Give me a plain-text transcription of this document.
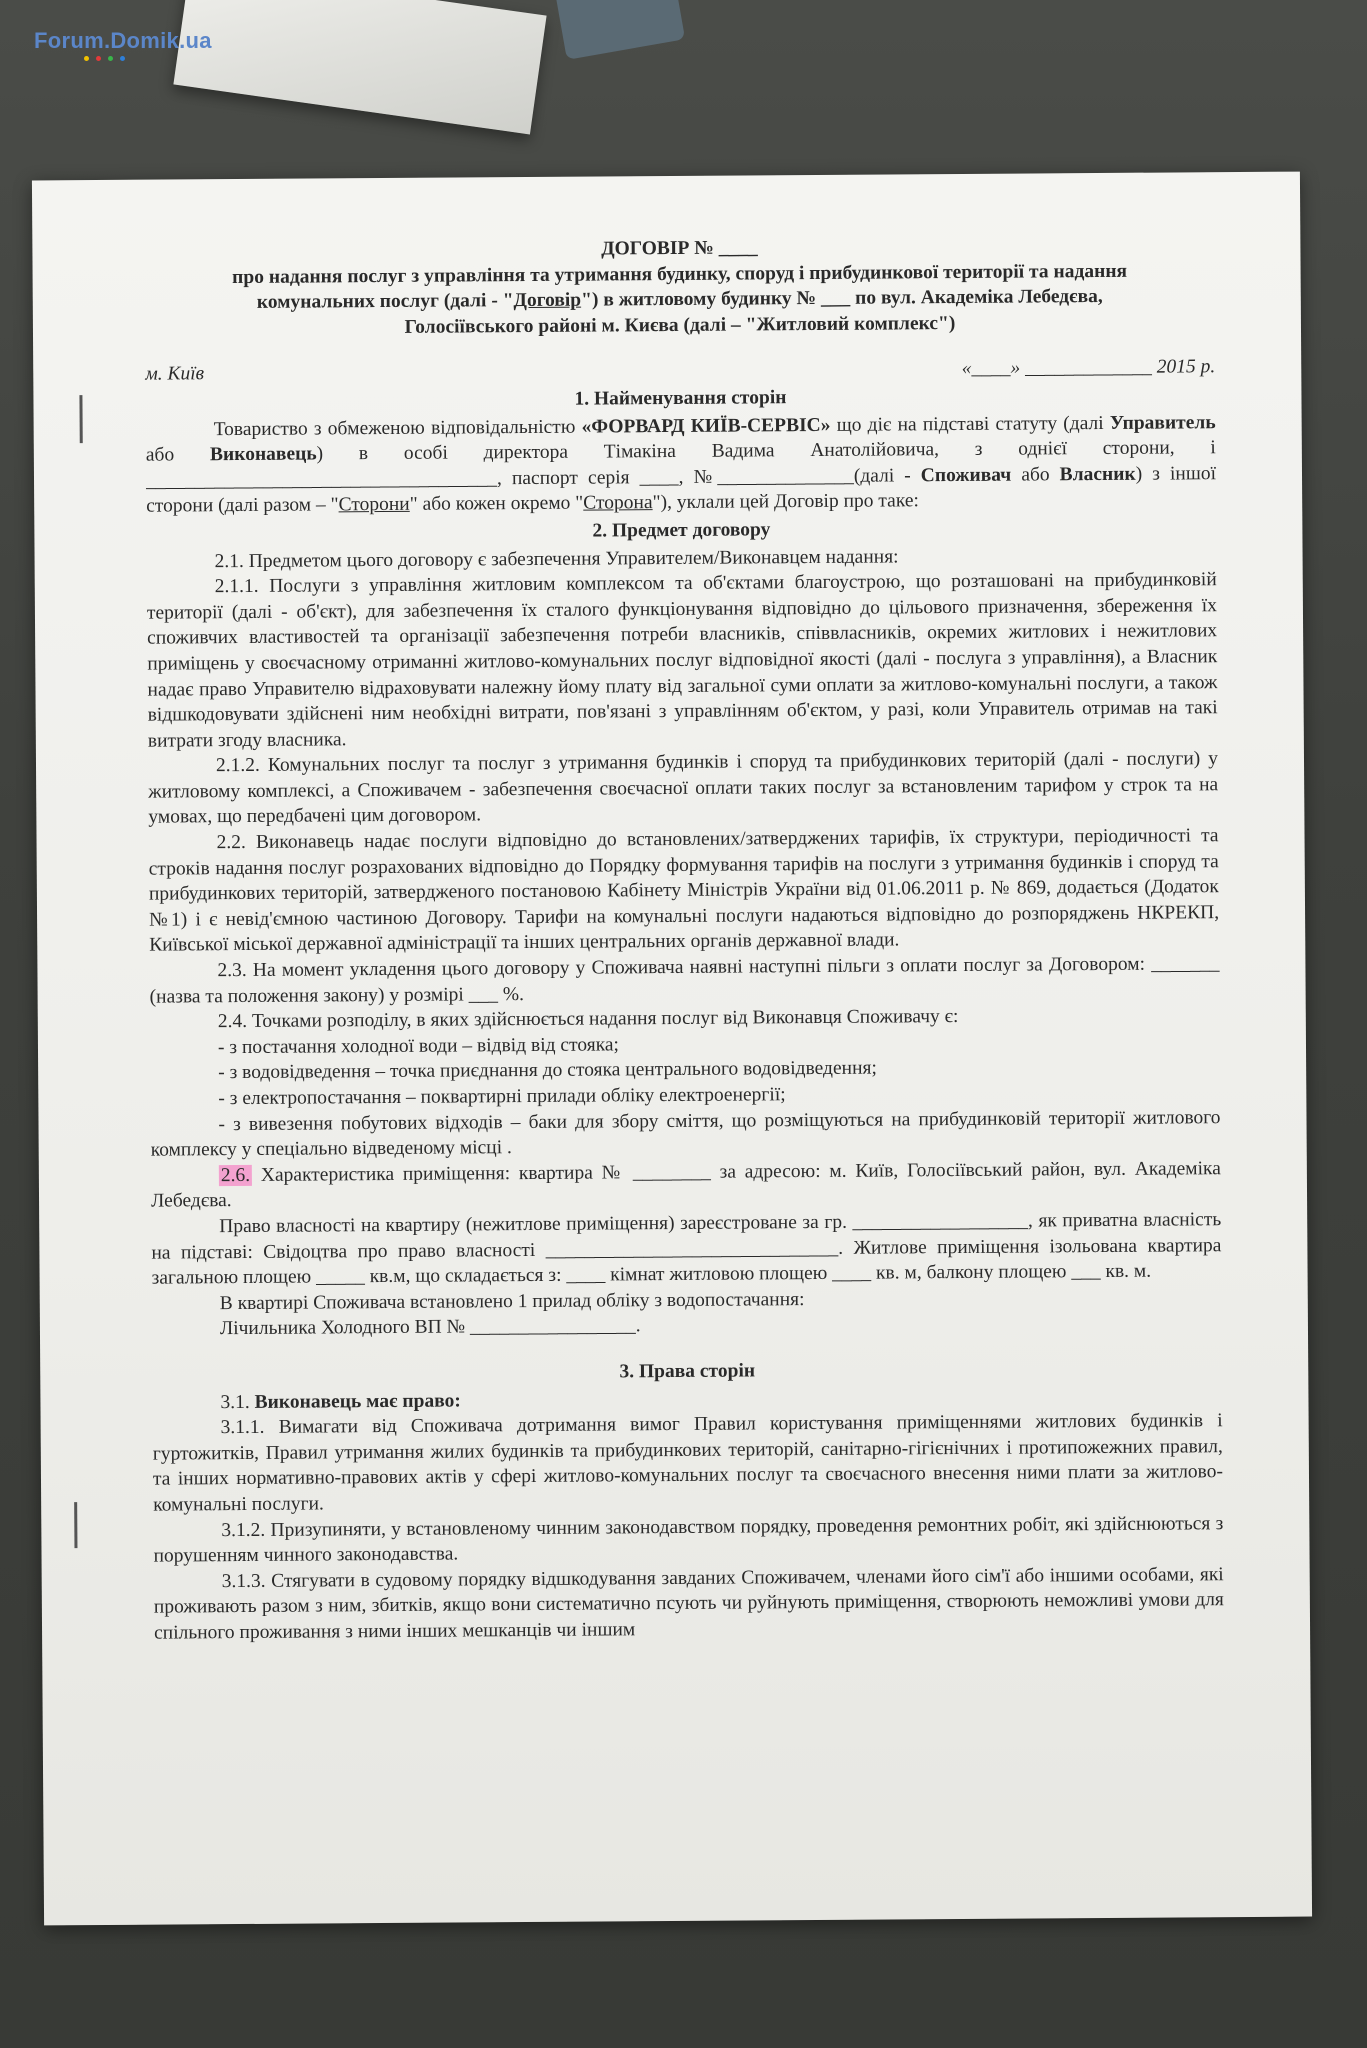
Forum.Domik.ua
ДОГОВІР № ____
про надання послуг з управління та утримання будинку, споруд і прибудинкової території та надання
комунальних послуг (далі - "Договір") в житловому будинку № ___ по вул. Академіка Лебедєва,
Голосіївського районі м. Києва (далі – "Житловий комплекс")
м. Київ	«____» _____________ 2015 р.
1. Найменування сторін

Товариство з обмеженою відповідальністю «ФОРВАРД КИЇВ-СЕРВІС» що діє на підставі статуту (далі Управитель або Виконавець) в особі директора Тімакіна Вадима Анатолійовича, з однієї сторони, і ____________________________________, паспорт серія ____, №______________(далі - Споживач або Власник) з іншої сторони (далі разом – "Сторони" або кожен окремо "Сторона"), уклали цей Договір про таке:

2. Предмет договору

2.1. Предметом цього договору є забезпечення Управителем/Виконавцем надання:

2.1.1. Послуги з управління житловим комплексом та об'єктами благоустрою, що розташовані на прибудинковій території (далі - об'єкт), для забезпечення їх сталого функціонування відповідно до цільового призначення, збереження їх споживчих властивостей та організації забезпечення потреби власників, співвласників, окремих житлових і нежитлових приміщень у своєчасному отриманні житлово-комунальних послуг відповідної якості (далі - послуга з управління), а Власник надає право Управителю відраховувати належну йому плату від загальної суми оплати за житлово-комунальні послуги, а також відшкодовувати здійснені ним необхідні витрати, пов'язані з управлінням об'єктом, у разі, коли Управитель отримав на такі витрати згоду власника.

2.1.2. Комунальних послуг та послуг з утримання будинків і споруд та прибудинкових територій (далі - послуги) у житловому комплексі, а Споживачем - забезпечення своєчасної оплати таких послуг за встановленим тарифом у строк та на умовах, що передбачені цим договором.

2.2. Виконавець надає послуги відповідно до встановлених/затверджених тарифів, їх структури, періодичності та строків надання послуг розрахованих відповідно до Порядку формування тарифів на послуги з утримання будинків і споруд та прибудинкових територій, затвердженого постановою Кабінету Міністрів України від 01.06.2011 р. № 869, додається (Додаток №1) і є невід'ємною частиною Договору. Тарифи на комунальні послуги надаються відповідно до розпоряджень НКРЕКП, Київської міської державної адміністрації та інших центральних органів державної влади.

2.3. На момент укладення цього договору у Споживача наявні наступні пільги з оплати послуг за Договором: _______ (назва та положення закону) у розмірі ___ %.

2.4. Точками розподілу, в яких здійснюється надання послуг від Виконавця Споживачу є:

- з постачання холодної води – відвід від стояка;

- з водовідведення – точка приєднання до стояка центрального водовідведення;

- з електропостачання – поквартирні прилади обліку електроенергії;

- з вивезення побутових відходів – баки для збору сміття, що розміщуються на прибудинковій території житлового комплексу у спеціально відведеному місці .

2.6. Характеристика приміщення: квартира № ________ за адресою: м. Київ, Голосіївський район, вул. Академіка Лебедєва.

Право власності на квартиру (нежитлове приміщення) зареєстроване за гр. __________________, як приватна власність на підставі: Свідоцтва про право власності ______________________________. Житлове приміщення ізольована квартира загальною площею _____ кв.м, що складається з: ____ кімнат житловою площею ____ кв. м, балкону площею ___ кв. м.

В квартирі Споживача встановлено 1 прилад обліку з водопостачання:

Лічильника Холодного ВП № _________________.

3. Права сторін

3.1. Виконавець має право:

3.1.1. Вимагати від Споживача дотримання вимог Правил користування приміщеннями житлових будинків і гуртожитків, Правил утримання жилих будинків та прибудинкових територій, санітарно-гігієнічних і протипожежних правил, та інших нормативно-правових актів у сфері житлово-комунальних послуг та своєчасного внесення ними плати за житлово-комунальні послуги.

3.1.2. Призупиняти, у встановленому чинним законодавством порядку, проведення ремонтних робіт, які здійснюються з порушенням чинного законодавства.

3.1.3. Стягувати в судовому порядку відшкодування завданих Споживачем, членами його сім'ї або іншими особами, які проживають разом з ним, збитків, якщо вони систематично псують чи руйнують приміщення, створюють неможливі умови для спільного проживання з ними інших мешканців чи іншим
